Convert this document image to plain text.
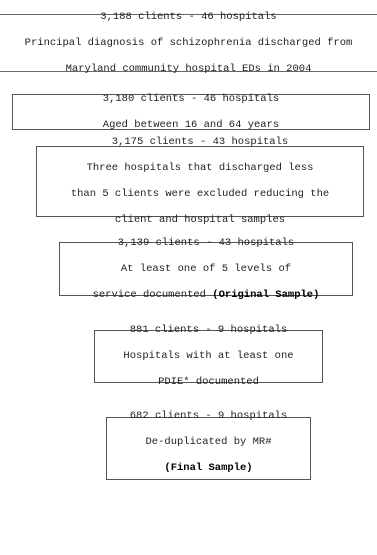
3,188 clients - 46 hospitals

Principal diagnosis of schizophrenia discharged from

Maryland community hospital EDs in 2004

3,180 clients - 46 hospitals

Aged between 16 and 64 years

3,175 clients - 43 hospitals

Three hospitals that discharged less

than 5 clients were excluded reducing the

client and hospital samples

3,139 clients - 43 hospitals

At least one of 5 levels of

service documented (Original Sample)

881 clients - 9 hospitals

Hospitals with at least one

PDIE* documented

682 clients - 9 hospitals

De-duplicated by MR#

(Final Sample)
